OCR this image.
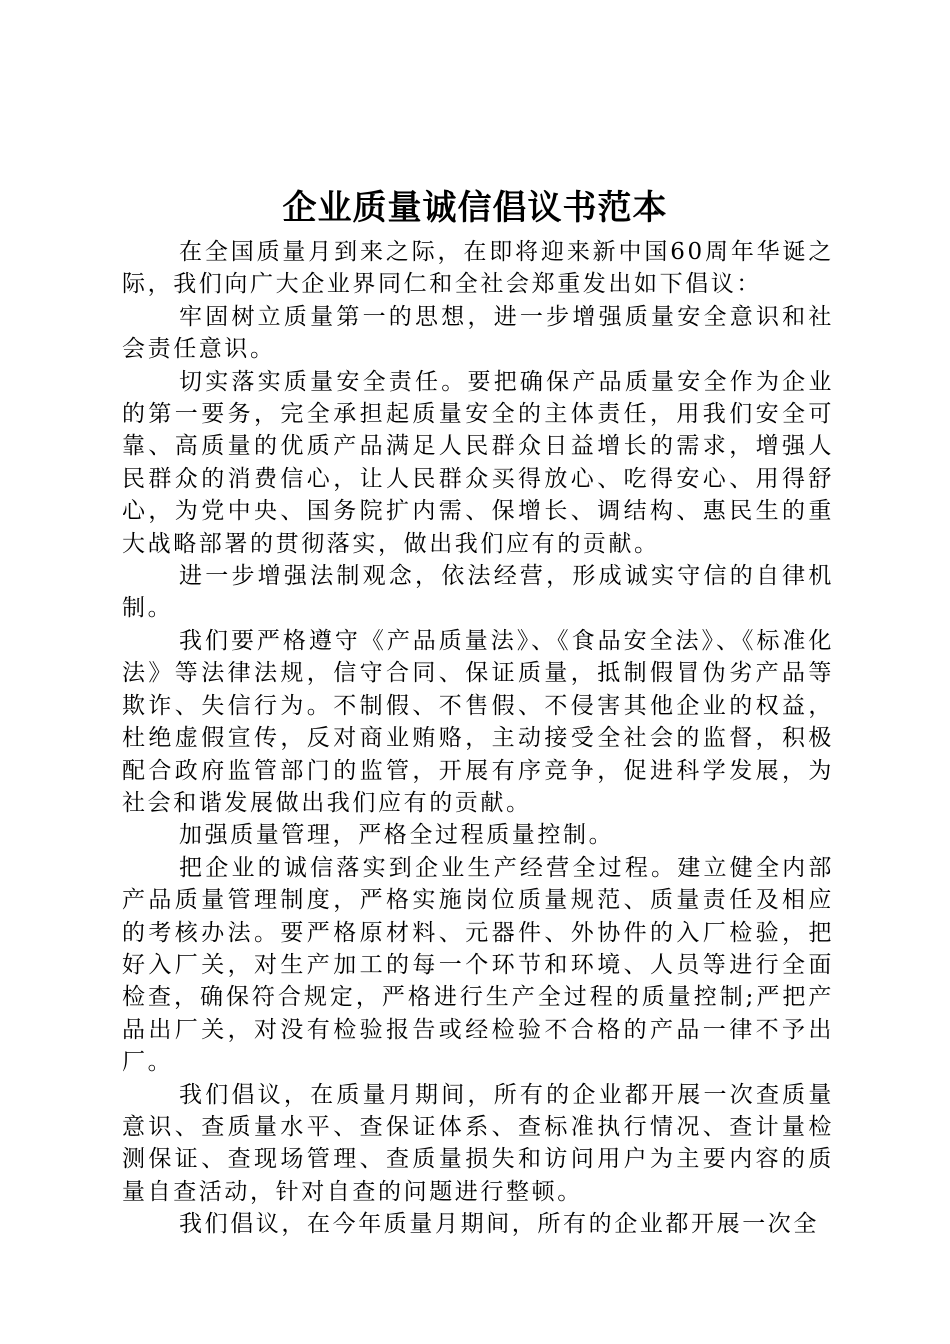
企业质量诚信倡议书范本

在全国质量月到来之际，在即将迎来新中国60周年华诞之际，我们向广大企业界同仁和全社会郑重发出如下倡议：

牢固树立质量第一的思想，进一步增强质量安全意识和社会责任意识。

切实落实质量安全责任。要把确保产品质量安全作为企业的第一要务，完全承担起质量安全的主体责任，用我们安全可靠、高质量的优质产品满足人民群众日益增长的需求，增强人民群众的消费信心，让人民群众买得放心、吃得安心、用得舒心，为党中央、国务院扩内需、保增长、调结构、惠民生的重大战略部署的贯彻落实，做出我们应有的贡献。

进一步增强法制观念，依法经营，形成诚实守信的自律机制。

我们要严格遵守《产品质量法》、《食品安全法》、《标准化法》等法律法规，信守合同、保证质量，抵制假冒伪劣产品等欺诈、失信行为。不制假、不售假、不侵害其他企业的权益，杜绝虚假宣传，反对商业贿赂，主动接受全社会的监督，积极配合政府监管部门的监管，开展有序竞争，促进科学发展，为社会和谐发展做出我们应有的贡献。

加强质量管理，严格全过程质量控制。

把企业的诚信落实到企业生产经营全过程。建立健全内部产品质量管理制度，严格实施岗位质量规范、质量责任及相应的考核办法。要严格原材料、元器件、外协件的入厂检验，把好入厂关，对生产加工的每一个环节和环境、人员等进行全面检查，确保符合规定，严格进行生产全过程的质量控制;严把产品出厂关，对没有检验报告或经检验不合格的产品一律不予出厂。

我们倡议，在质量月期间，所有的企业都开展一次查质量意识、查质量水平、查保证体系、查标准执行情况、查计量检测保证、查现场管理、查质量损失和访问用户为主要内容的质量自查活动，针对自查的问题进行整顿。

我们倡议，在今年质量月期间，所有的企业都开展一次全
